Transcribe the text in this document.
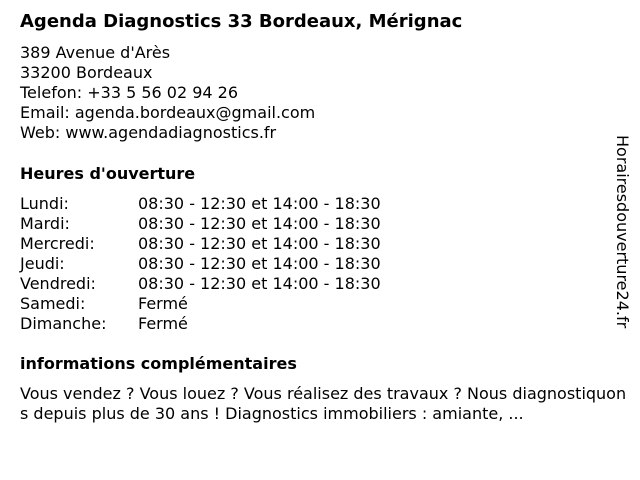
Agenda Diagnostics 33 Bordeaux, Mérignac
389 Avenue d'Arès
33200 Bordeaux
Telefon: +33 5 56 02 94 26
Email: agenda.bordeaux@gmail.com
Web: www.agendadiagnostics.fr
Heures d'ouverture
Lundi:	08:30 - 12:30 et 14:00 - 18:30
Mardi:	08:30 - 12:30 et 14:00 - 18:30
Mercredi:	08:30 - 12:30 et 14:00 - 18:30
Jeudi:	08:30 - 12:30 et 14:00 - 18:30
Vendredi:	08:30 - 12:30 et 14:00 - 18:30
Samedi:	Fermé
Dimanche: Fermé
informations complémentaires
Vous vendez ? Vous louez ? Vous réalisez des travaux ? Nous diagnostiquons depuis plus de 30 ans ! Diagnostics immobiliers : amiante, ...
Horairesdouverture24.fr
